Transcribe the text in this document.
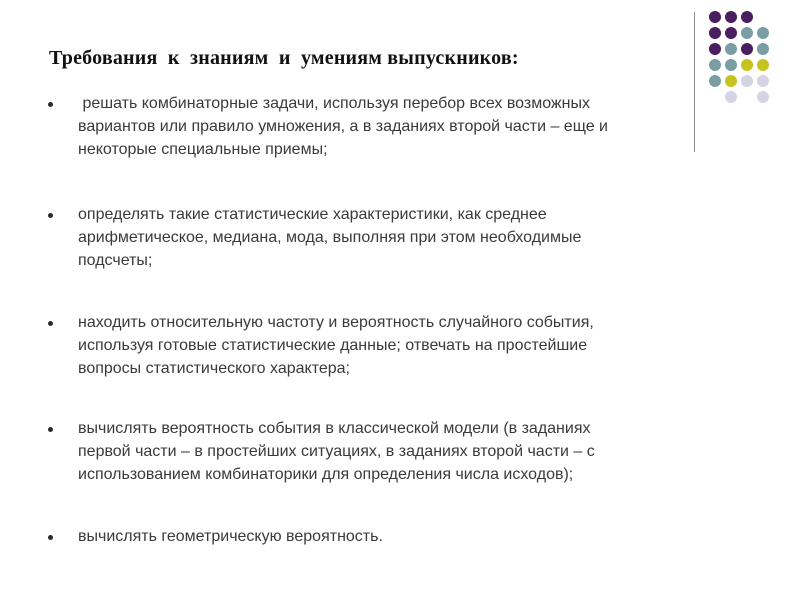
Требования  к  знаниям  и  умениям выпускников:
решать комбинаторные задачи, используя перебор всех возможных
вариантов или правило умножения, а в заданиях второй части – еще и
некоторые специальные приемы;
определять такие статистические характеристики, как среднее
арифметическое, медиана, мода, выполняя при этом необходимые
подсчеты;
находить относительную частоту и вероятность случайного события,
используя готовые статистические данные; отвечать на простейшие
вопросы статистического характера;
вычислять вероятность события в классической модели (в заданиях
первой части – в простейших ситуациях, в заданиях второй части – с
использованием комбинаторики для определения числа исходов);
вычислять геометрическую вероятность.
